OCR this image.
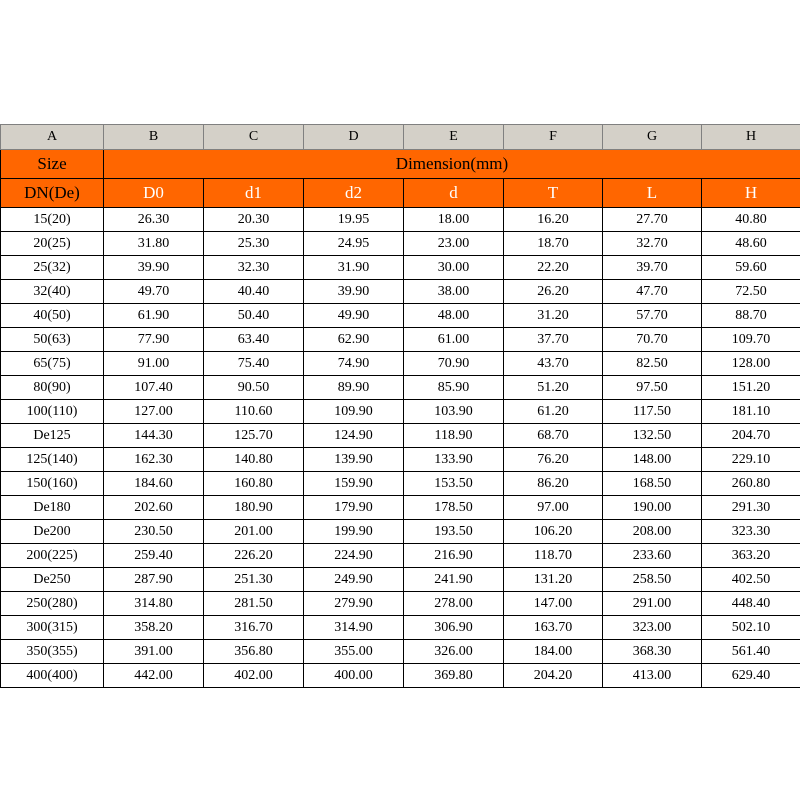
A	B	C	D	E	F	G	H
Size	Dimension(mm)						
DN(De)	D0	d1	d2	d	T	L	H
15(20)	26.30	20.30	19.95	18.00	16.20	27.70	40.80
20(25)	31.80	25.30	24.95	23.00	18.70	32.70	48.60
25(32)	39.90	32.30	31.90	30.00	22.20	39.70	59.60
32(40)	49.70	40.40	39.90	38.00	26.20	47.70	72.50
40(50)	61.90	50.40	49.90	48.00	31.20	57.70	88.70
50(63)	77.90	63.40	62.90	61.00	37.70	70.70	109.70
65(75)	91.00	75.40	74.90	70.90	43.70	82.50	128.00
80(90)	107.40	90.50	89.90	85.90	51.20	97.50	151.20
100(110)	127.00	110.60	109.90	103.90	61.20	117.50	181.10
De125	144.30	125.70	124.90	118.90	68.70	132.50	204.70
125(140)	162.30	140.80	139.90	133.90	76.20	148.00	229.10
150(160)	184.60	160.80	159.90	153.50	86.20	168.50	260.80
De180	202.60	180.90	179.90	178.50	97.00	190.00	291.30
De200	230.50	201.00	199.90	193.50	106.20	208.00	323.30
200(225)	259.40	226.20	224.90	216.90	118.70	233.60	363.20
De250	287.90	251.30	249.90	241.90	131.20	258.50	402.50
250(280)	314.80	281.50	279.90	278.00	147.00	291.00	448.40
300(315)	358.20	316.70	314.90	306.90	163.70	323.00	502.10
350(355)	391.00	356.80	355.00	326.00	184.00	368.30	561.40
400(400)	442.00	402.00	400.00	369.80	204.20	413.00	629.40
